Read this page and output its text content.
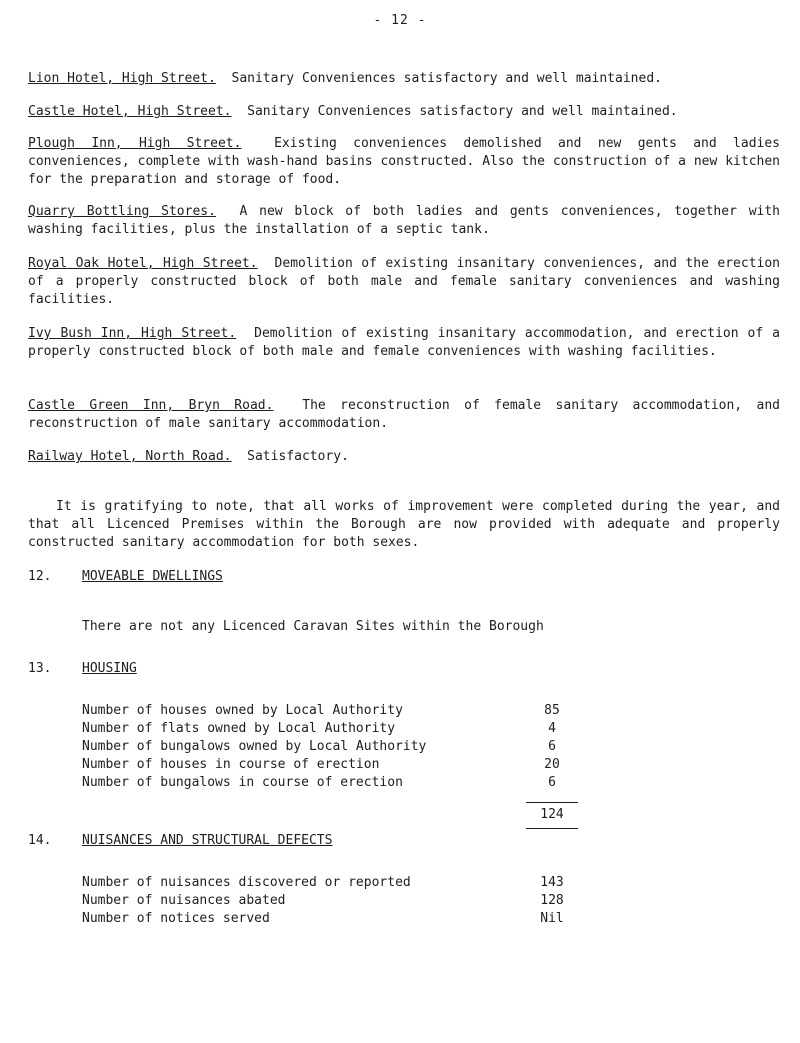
- 12 -

Lion Hotel, High Street. Sanitary Conveniences satisfactory and well maintained.

Castle Hotel, High Street. Sanitary Conveniences satisfactory and well maintained.

Plough Inn, High Street.	Existing conveniences demolished and new gents and ladies conveniences, complete with wash-hand basins constructed. Also the construction of a new kitchen for the preparation and storage of food.

Quarry Bottling Stores. A new block of both ladies and gents conveniences, together with washing facilities, plus the installation of a septic tank.

Royal Oak Hotel, High Street. Demolition of existing insanitary conveniences, and the erection of a properly constructed block of both male and female sanitary conveniences and washing facilities.

Ivy Bush Inn, High Street. Demolition of existing insanitary accommodation, and erection of a properly constructed block of both male and female conveniences with washing facilities.

Castle Green Inn, Bryn Road. The reconstruction of female sanitary accommodation, and reconstruction of male sanitary accommodation.

Railway Hotel, North Road. Satisfactory.

It is gratifying to note, that all works of improvement were completed during the year, and that all Licenced Premises within the Borough are now provided with adequate and properly constructed sanitary accommodation for both sexes.

12. MOVEABLE DWELLINGS

There are not any Licenced Caravan Sites within the Borough

13. HOUSING

Number of houses owned by Local Authority	85
Number of flats owned by Local Authority	4
Number of bungalows owned by Local Authority	6
Number of houses in course of erection	20
Number of bungalows in course of erection	6
124

14. NUISANCES AND STRUCTURAL DEFECTS

Number of nuisances discovered or reported	143
Number of nuisances abated	128
Number of notices served	Nil
